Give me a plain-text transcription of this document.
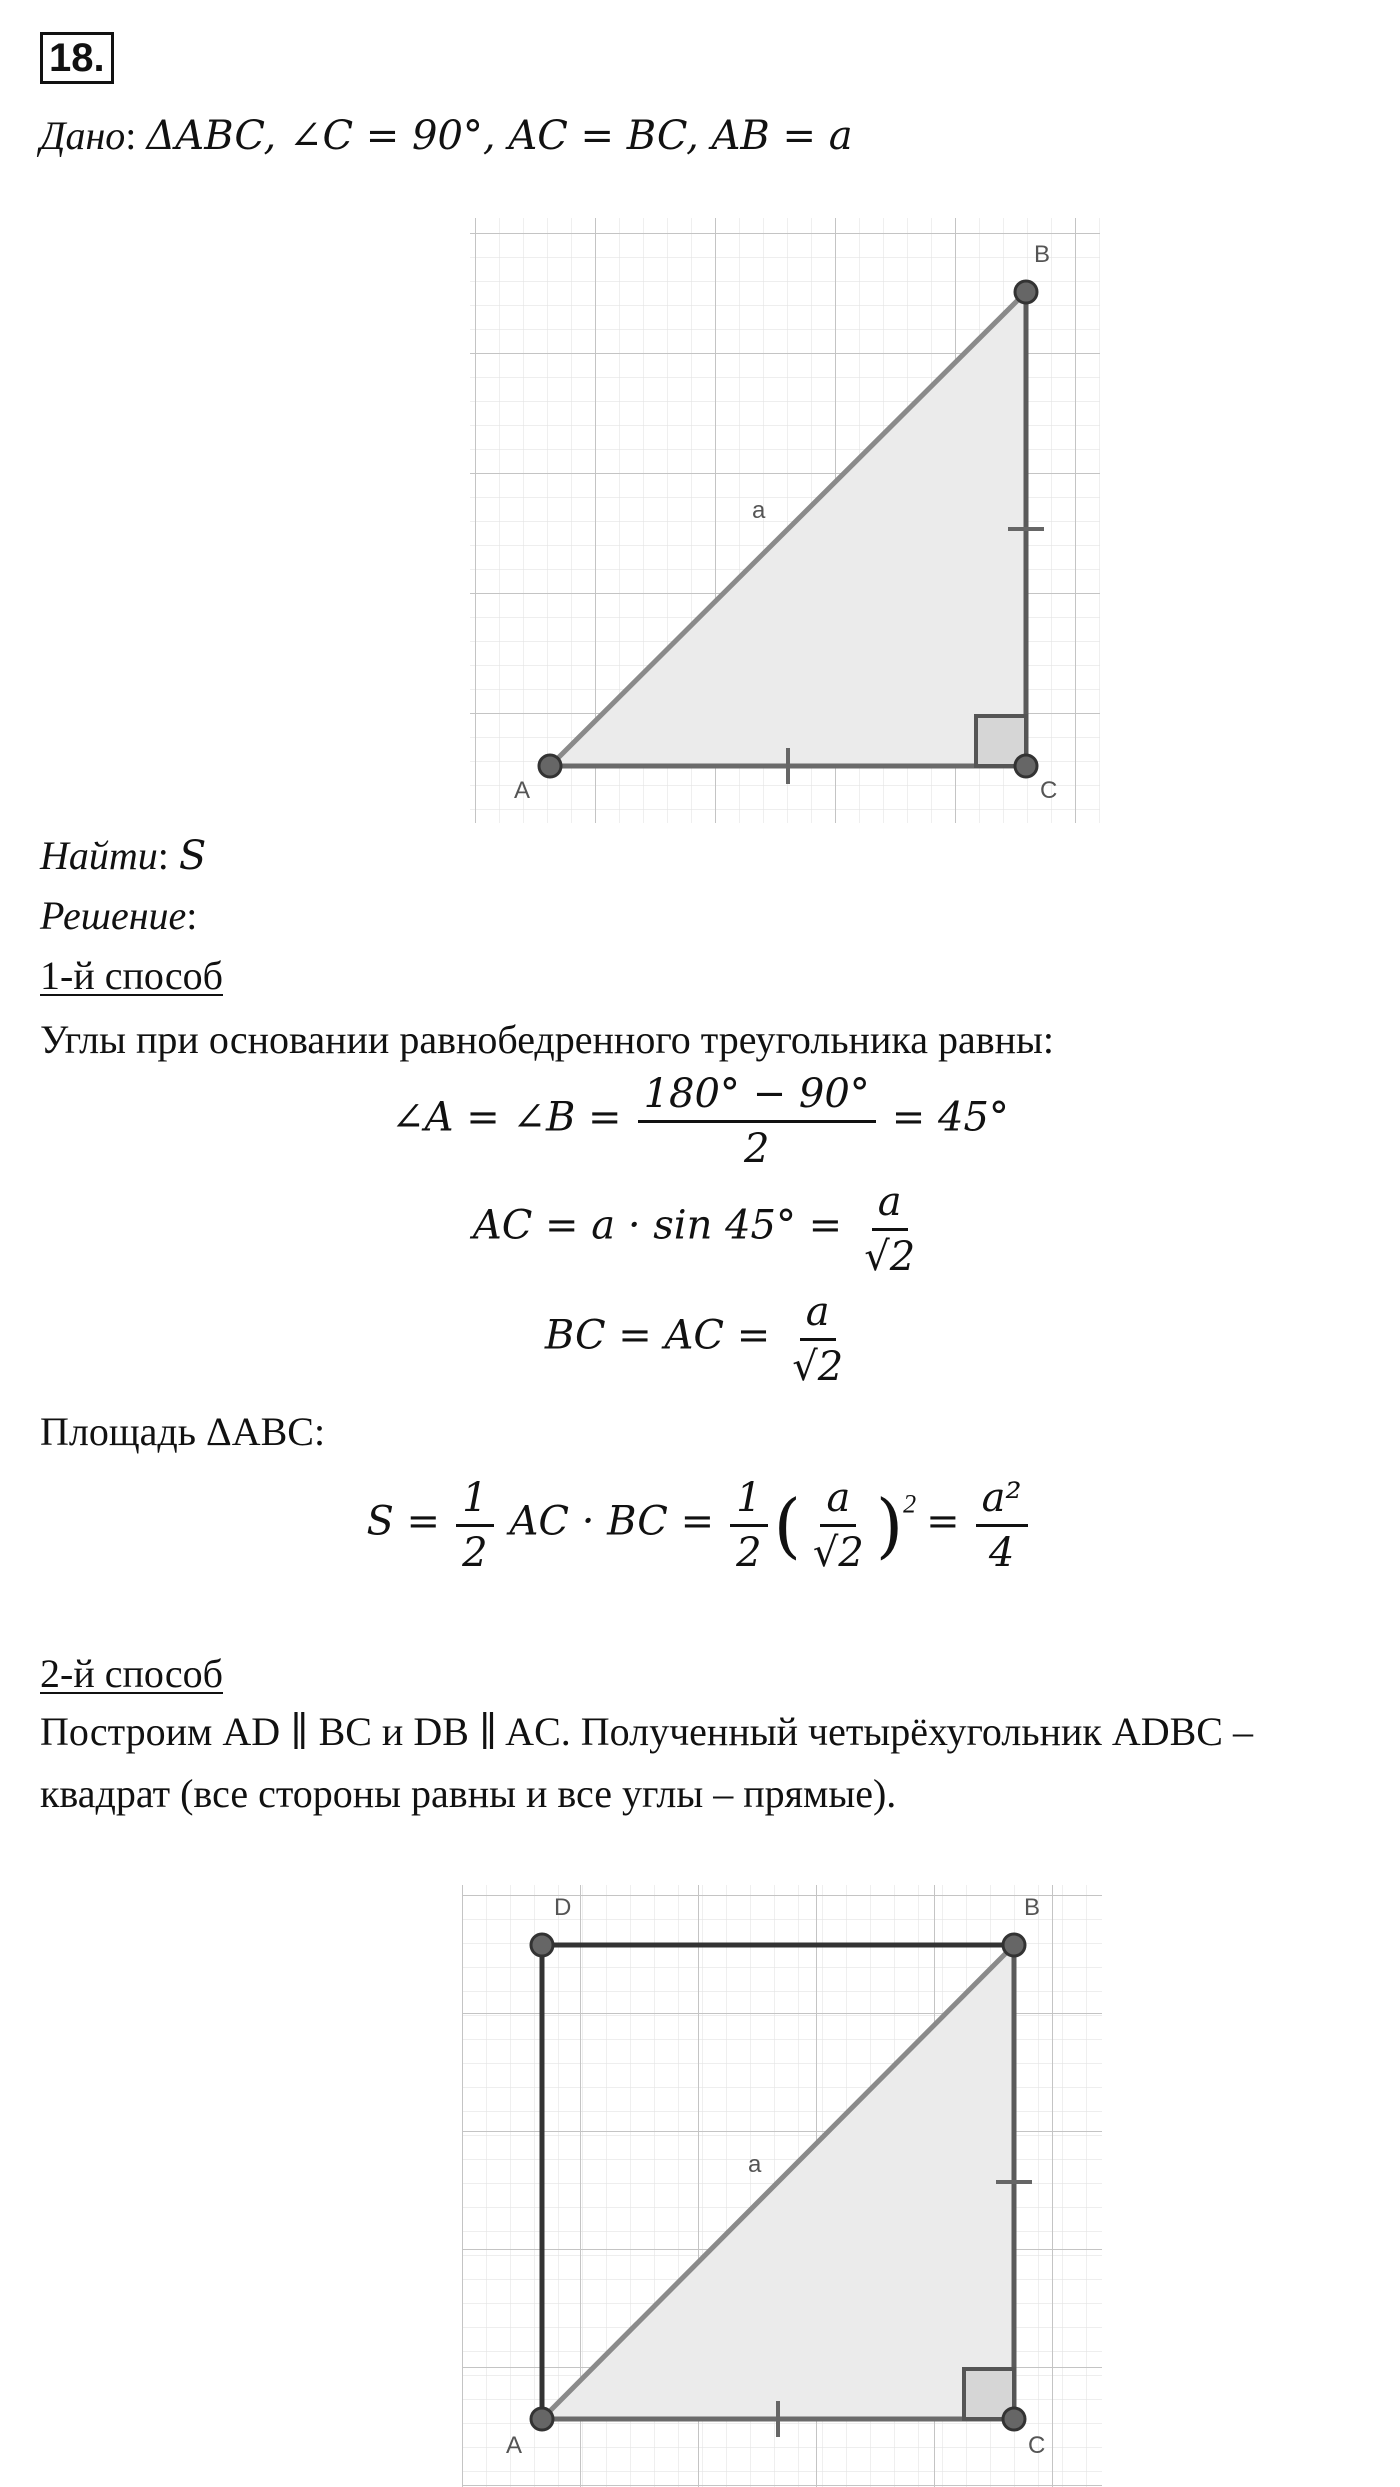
18.
Дано: ΔABC, ∠C = 90°, AC = BC, AB = a
A
B
C
a
Найти: S
Решение:
1-й способ
Углы при основании равнобедренного треугольника равны:
∠A = ∠B = $\frac{180^\circ - 90^\circ}{2} = 45^\circ$
AC = $a \cdot \sin 45^\circ = \frac{a}{√2}$
BC = AC = $\frac{a}{√2}$
Площадь ΔABC:
$S = \frac{1}{2}$ AC · BC = $\frac{1}{2}$ ( $\frac{a}{√2} )^2 = \frac{\text{a²}}{4}$
2-й способ
Построим AD ∥ BC и DB ∥ AC. Полученный четырёхугольник ADBC –
квадрат (все стороны равны и все углы – прямые).
D	B
A	C
a
